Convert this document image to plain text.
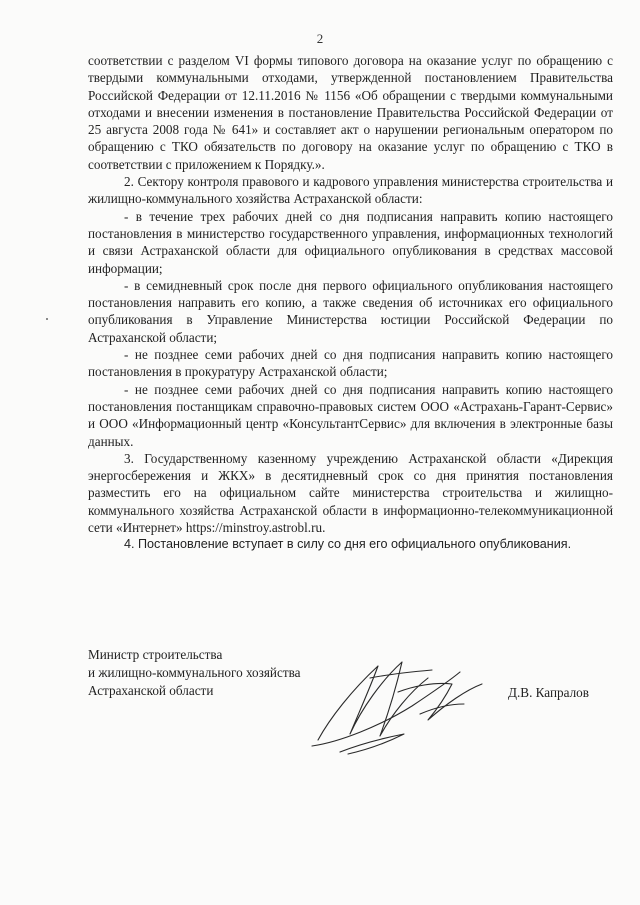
2

соответствии с разделом VI формы типового договора на оказание услуг по обращению с твердыми коммунальными отходами, утвержденной постановлением Правительства Российской Федерации от 12.11.2016 № 1156 «Об обращении с твердыми коммунальными отходами и внесении изменения в постановление Правительства Российской Федерации от 25 августа 2008 года № 641» и составляет акт о нарушении региональным оператором по обращению с ТКО обязательств по договору на оказание услуг по обращению с ТКО в соответствии с приложением к Порядку.».

2. Сектору контроля правового и кадрового управления министерства строительства и жилищно-коммунального хозяйства Астраханской области:

- в течение трех рабочих дней со дня подписания направить копию настоящего постановления в министерство государственного управления, информационных технологий и связи Астраханской области для официального опубликования в средствах массовой информации;

- в семидневный срок после дня первого официального опубликования настоящего постановления направить его копию, а также сведения об источниках его официального опубликования в Управление Министерства юстиции Российской Федерации по Астраханской области;

- не позднее семи рабочих дней со дня подписания направить копию настоящего постановления в прокуратуру Астраханской области;

- не позднее семи рабочих дней со дня подписания направить копию настоящего постановления постанщикам справочно-правовых систем ООО «Астрахань-Гарант-Сервис» и ООО «Информационный центр «КонсультантСервис» для включения в электронные базы данных.

3. Государственному казенному учреждению Астраханской области «Дирекция энергосбережения и ЖКХ» в десятидневный срок со дня принятия постановления разместить его на официальном сайте министерства строительства и жилищно-коммунального хозяйства Астраханской области в информационно-телекоммуникационной сети «Интернет» https://minstroy.astrobl.ru.

4. Постановление вступает в силу со дня его официального опубликования.

Министр строительства
и жилищно-коммунального хозяйства
Астраханской области	Д.В. Капралов
